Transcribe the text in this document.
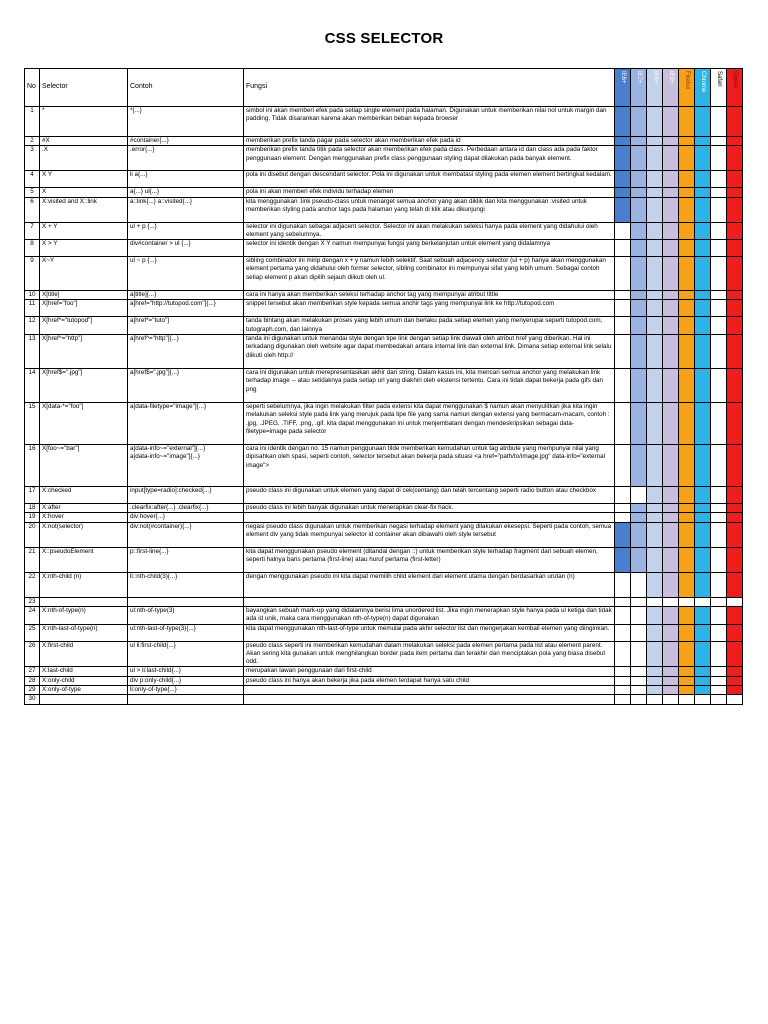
CSS SELECTOR
No	Selector	Contoh	Fungsi	IE6+	IE7+	IE8+	IE9+	Firefox	Chrome	Safari	Opera

1	*	*{...}	simbol ini akan memberi efek pada setiap single element pada halaman. Digunakan untuk memberikan nilai nol untuk margin dan padding. Tidak disarankan karena akan memberikan beban kepada browser								
2	#X	#container{...}	memberikan prefix tanda pagar pada selector akan memberikan efek pada id								
3	.X	.error{...}	memberikan prefix tanda titik pada selector akan memberikan efek pada class. Perbedaan antara id dan class ada pada faktor penggunaan element. Dengan menggunakan prefix class penggunaan styling dapat dilakukan pada banyak element.								
4	X Y	li a{...}	pola ini disebut dengan descendant selector. Pola ini digunakan untuk membatasi styling pada elemen element bertingkat kedalam.								
5	X	a{...} ul{...}	pola ini akan memberi efek individu terhadap elemen								
6	X:visited and X::link	a::link{...} a::visited{...}	kita menggunakan :link pseudo-class untuk menarget semua anchor yang akan diklik dan kita menggunakan :visited untuk memberikan styling pada anchor tags pada halaman yang telah di klik atau dikunjungi								
7	X + Y	ul + p {...}	selector ini digunakan sebagai adjacent selector. Selector ini akan melakukan seleksi hanya pada element yang didahului oleh element yang sebelumnya.								
8	X > Y	div#container > ul {...}	selector ini identik dengan X Y namun mempunyai fungsi yang berkelanjutan untuk element yang didalamnya								
9	X~Y	ul ~ p {...}	sibling combinator ini mirip dengan x + y namun lebih selektif. Saat sebuah adjacency selector (ul + p) hanya akan menggunakan element pertama yang didahului oleh former selector, sibling combinator ini mempunyai sifat yang lebih umum. Sebagai contoh setiap element p akan dipilih sejauh diikuti oleh ul.								
10	X[title]	a[title]{...}	cara ini hanya akan memberikan seleksi terhadap anchor tag yang mempunyai atribut tittle								
11	X[href="foo"]	a[href="http://tutopod.com"]{...}	snippet tersebut akan memberikan style kepada semua anchir tags yang mempunyai link ke http://tutopod.com								
12	X[href*="tutopod"]	a[href*="tuto"]	tanda bintang akan melakukan proses yang lebih umum dan berlaku pada setiap elemen yang menyerupai seperti tutopod.com, tutograph.com, dan lainnya								
13	X[href^="http"]	a[href^="http"]{...}	tanda ini digunakan untuk menandai style dengan tipe link dengan setiap link diawali oleh atribut href yang diberikan. Hal ini terkadang digunakan oleh website agar dapat membedakan antara internal link dan external link. Dimana setiap external link selalu diikuti oleh http://								
14	X[href$=".jpg"]	a[href$=".jpg"]{...}	cara ini digunakan untuk merepresentasikan akhir dari string. Dalam kasus ini, kita mencari semua anchor yang melakukan link terhadap image -- atau setidaknya pada setiap url yang diakhiri oleh ekstensi tertentu. Cara ini tidak dapat bekerja pada gifs dan png								
15	X[data-*="foo"]	a[data-filetype="image"]{...}	seperti sebelumnya, jika ingin melakukan filter pada extensi kita dapat menggunakan $ namun akan menyulitkan jika kita ingin melakukan seleksi style pada link yang merujuk pada tipe file yang sama namun dengan extensi yang bermacam-macam, contoh : .jpg, .JPEG, .TIFF, .png, .gif. kita dapat menggunakan ini untuk menjembatani dengan mendeskripsikan sebagai data-filetype=image pada selector								
16	X[foo~="bar"]	a[data-info~="external"]{...}
a[data-info~="image"]{...}	cara ini identik dengan no. 15 namun penggunaan tilde memberikan kemudahan untuk tag atribute yang mempunyai nilai yang dipisahkan oleh spasi, seperti contoh, selector tersebut akan bekerja pada situasi <a href="path/to/image.jpg" data-info="external image">								
17	X:checked	input[type=radio]:checked{...}	pseudo class ini digunakan untuk elemen yang dapat di cek(centang) dan telah tercentang seperti radio button atau checkbox								
18	X:after	.clearfix:after{...} .clearfix{...}	pseudo class ini lebih banyak digunakan untuk menerapkan clear-fix hack.								
19	X:hover	div:hover{...}									
20	X:not(selector)	div:not(#container){...}	negasi pseudo class digunakan untuk memberikan negasi terhadap element yang dilakukan ekesepsi. Seperti pada contoh, semua element div yang tidak mempunyai selector id container akan dibawahi oleh style tersebut								
21	X::pseudoElement	p::first-line{...}	kita dapat menggunakan pseudo element (ditandai dengan ::) untuk memberikan style terhadap fragment dari sebuah elemen, seperti halnya baris pertama (first-line) atau huruf pertama (first-letter)								
22	X:nth-child (n)	li::nth-child(3){...}	dengan menggunakan pseudo ini kita dapat memilih child element dari element utama dengan berdasarkan urutan (n)								
23											
24	X:nth-of-type(n)	ul:nth-of-type(3)	bayangkan sebuah mark-up yang didalamnya berisi lima unordered list. Jika ingin menerapkan style hanya pada ul ketiga dan tidak ada id unik, maka cara menggunakan nth-of-type(n) dapat digunakan								
25	X:nth-last-of-type(n)	ul:nth-last-of-type(3){...}	kita dapat menggunakan nth-last-of-type untuk memulai pada akhir selector list dan mengerjakan kembali elemen yang diinginkan.								
26	X:first-child	ul li:first-child{...}	pseudo class seperti ini memberikan kemudahan dalam melakukan seleksi pada elemen pertama pada list atau element parent. Akan sering kita gunakan untuk menghilangkan border pada item pertama dan terakhir dan menciptakan pola yang biasa disebut odd.								
27	X:last-child	ul > li:last-child{...}	merupakan lawan penggunaan dari first-child								
28	X:only-child	div p:only-child{...}	pseudo class ini hanya akan bekerja jika pada elemen terdapat hanya satu child								
29	X:only-of-type	li:only-of-type{...}									
30											
